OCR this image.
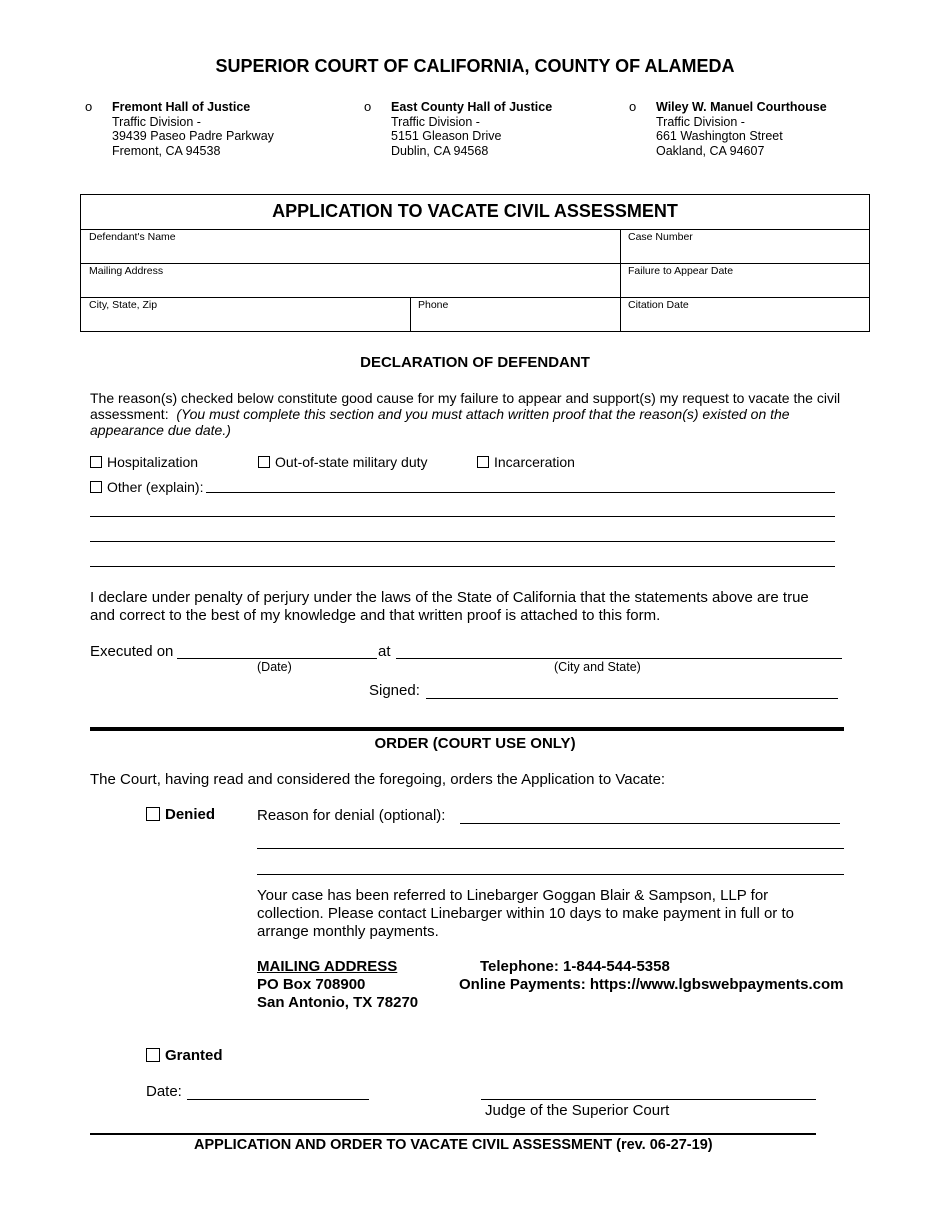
SUPERIOR COURT OF CALIFORNIA, COUNTY OF ALAMEDA
o Fremont Hall of Justice
Traffic Division -
39439 Paseo Padre Parkway
Fremont, CA 94538
o East County Hall of Justice
Traffic Division -
5151 Gleason Drive
Dublin, CA 94568
o Wiley W. Manuel Courthouse
Traffic Division -
661 Washington Street
Oakland, CA 94607
APPLICATION TO VACATE CIVIL ASSESSMENT
Defendant's Name	Case Number
Mailing Address	Failure to Appear Date
City, State, Zip	Phone	Citation Date
DECLARATION OF DEFENDANT
The reason(s) checked below constitute good cause for my failure to appear and support(s) my request to vacate the civil assessment: (You must complete this section and you must attach written proof that the reason(s) existed on the appearance due date.)
Hospitalization	Out-of-state military duty	Incarceration
Other (explain):
I declare under penalty of perjury under the laws of the State of California that the statements above are true
and correct to the best of my knowledge and that written proof is attached to this form.
Executed on	at
(Date)	(City and State)
Signed:
ORDER (COURT USE ONLY)
The Court, having read and considered the foregoing, orders the Application to Vacate:
Denied	Reason for denial (optional):
Your case has been referred to Linebarger Goggan Blair & Sampson, LLP for
collection. Please contact Linebarger within 10 days to make payment in full or to
arrange monthly payments.
MAILING ADDRESS
PO Box 708900
San Antonio, TX 78270
Telephone: 1-844-544-5358
Online Payments: https://www.lgbswebpayments.com
Granted
Date:
Judge of the Superior Court
APPLICATION AND ORDER TO VACATE CIVIL ASSESSMENT (rev. 06-27-19)
